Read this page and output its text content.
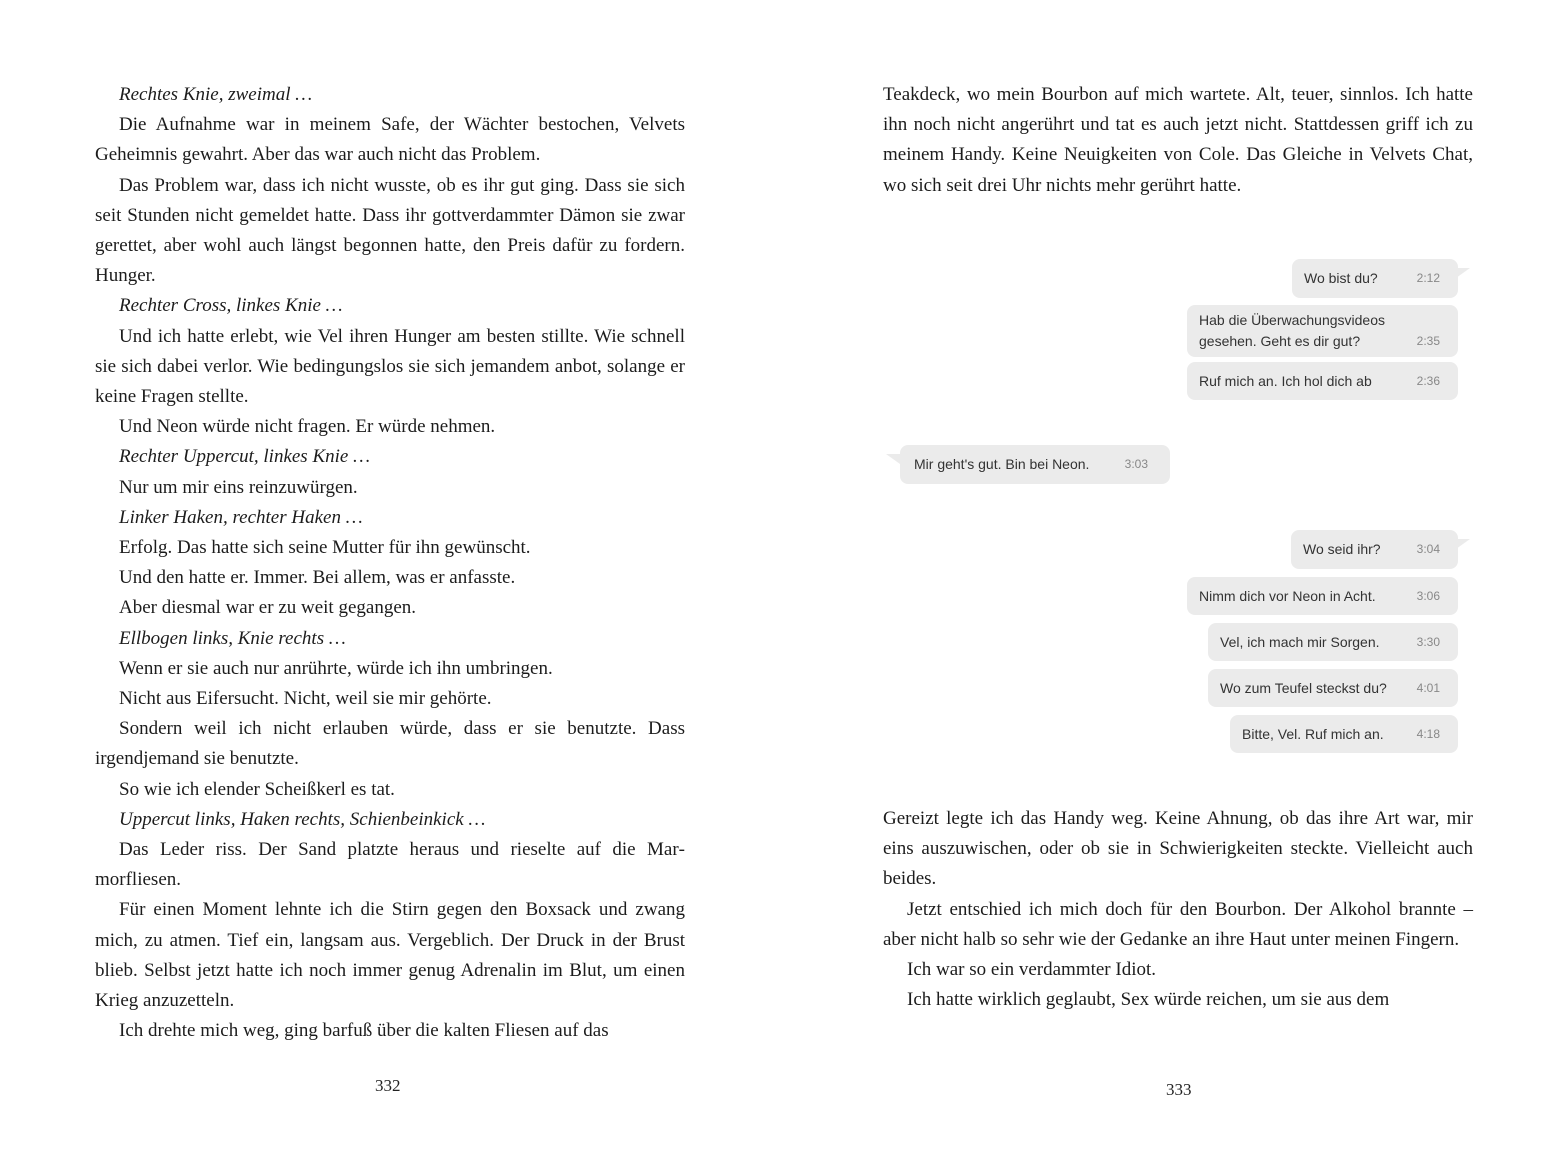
Rechtes Knie, zweimal …

Die Aufnahme war in meinem Safe, der Wächter bestochen, Velvets Geheimnis gewahrt. Aber das war auch nicht das Problem.

Das Problem war, dass ich nicht wusste, ob es ihr gut ging. Dass sie sich seit Stunden nicht gemeldet hatte. Dass ihr gottverdammter Dämon sie zwar gerettet, aber wohl auch längst begonnen hatte, den Preis dafür zu fordern. Hunger.

Rechter Cross, linkes Knie …

Und ich hatte erlebt, wie Vel ihren Hunger am besten stillte. Wie schnell sie sich dabei verlor. Wie bedingungslos sie sich jemandem anbot, solange er keine Fragen stellte.

Und Neon würde nicht fragen. Er würde nehmen.

Rechter Uppercut, linkes Knie …

Nur um mir eins reinzuwürgen.

Linker Haken, rechter Haken …

Erfolg. Das hatte sich seine Mutter für ihn gewünscht.

Und den hatte er. Immer. Bei allem, was er anfasste.

Aber diesmal war er zu weit gegangen.

Ellbogen links, Knie rechts …

Wenn er sie auch nur anrührte, würde ich ihn umbringen.

Nicht aus Eifersucht. Nicht, weil sie mir gehörte.

Sondern weil ich nicht erlauben würde, dass er sie benutzte. Dass irgendjemand sie benutzte.

So wie ich elender Scheißkerl es tat.

Uppercut links, Haken rechts, Schienbeinkick …

Das Leder riss. Der Sand platzte heraus und rieselte auf die Marmorfliesen.

Für einen Moment lehnte ich die Stirn gegen den Boxsack und zwang mich, zu atmen. Tief ein, langsam aus. Vergeblich. Der Druck in der Brust blieb. Selbst jetzt hatte ich noch immer genug Adrenalin im Blut, um einen Krieg anzuzetteln.

Ich drehte mich weg, ging barfuß über die kalten Fliesen auf das

332

Teakdeck, wo mein Bourbon auf mich wartete. Alt, teuer, sinnlos. Ich hatte ihn noch nicht angerührt und tat es auch jetzt nicht. Stattdessen griff ich zu meinem Handy. Keine Neuigkeiten von Cole. Das Gleiche in Velvets Chat, wo sich seit drei Uhr nichts mehr gerührt hatte.

Wo bist du?	2:12
Hab die Überwachungsvideos gesehen. Geht es dir gut?	2:35
Ruf mich an. Ich hol dich ab	2:36
Mir geht's gut. Bin bei Neon.	3:03
Wo seid ihr?	3:04
Nimm dich vor Neon in Acht.	3:06
Vel, ich mach mir Sorgen.	3:30
Wo zum Teufel steckst du? 4:01
Bitte, Vel. Ruf mich an.	4:18

Gereizt legte ich das Handy weg. Keine Ahnung, ob das ihre Art war, mir eins auszuwischen, oder ob sie in Schwierigkeiten steckte. Vielleicht auch beides.

Jetzt entschied ich mich doch für den Bourbon. Der Alkohol brannte – aber nicht halb so sehr wie der Gedanke an ihre Haut unter meinen Fingern.

Ich war so ein verdammter Idiot.

Ich hatte wirklich geglaubt, Sex würde reichen, um sie aus dem

333
